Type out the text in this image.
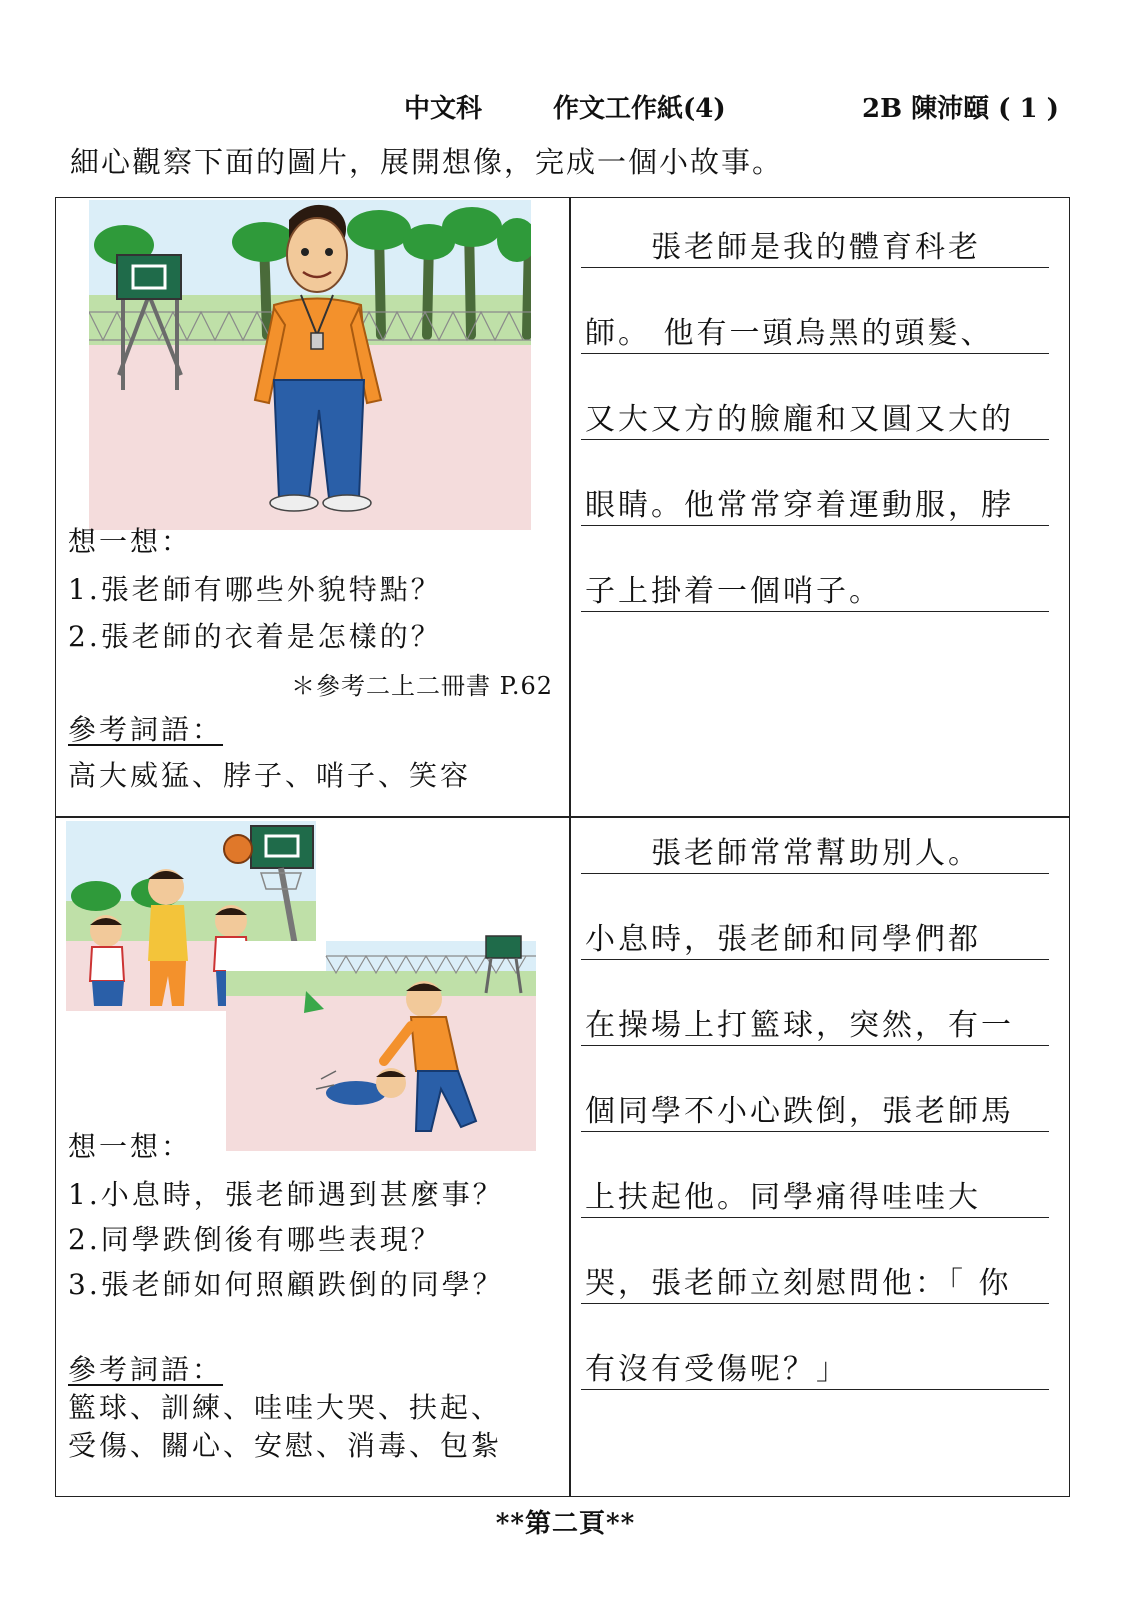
中文科	作文工作紙(4)	2B 陳沛頤 ( 1 )
細心觀察下面的圖片，展開想像，完成一個小故事。
想一想：
1.張老師有哪些外貌特點？
2.張老師的衣着是怎樣的？
＊參考二上二冊書 P.62
參考詞語：
高大威猛、脖子、哨子、笑容
　　張老師是我的體育科老
師。 他有一頭烏黑的頭髮、
又大又方的臉龐和又圓又大的
眼睛。他常常穿着運動服，脖
子上掛着一個哨子。
想一想：
1.小息時，張老師遇到甚麼事？
2.同學跌倒後有哪些表現？
3.張老師如何照顧跌倒的同學？
參考詞語：
籃球、訓練、哇哇大哭、扶起、
受傷、關心、安慰、消毒、包紮
　　張老師常常幫助別人。
小息時，張老師和同學們都
在操場上打籃球，突然，有一
個同學不小心跌倒，張老師馬
上扶起他。同學痛得哇哇大
哭，張老師立刻慰問他：「 你
有沒有受傷呢？」
**第二頁**
